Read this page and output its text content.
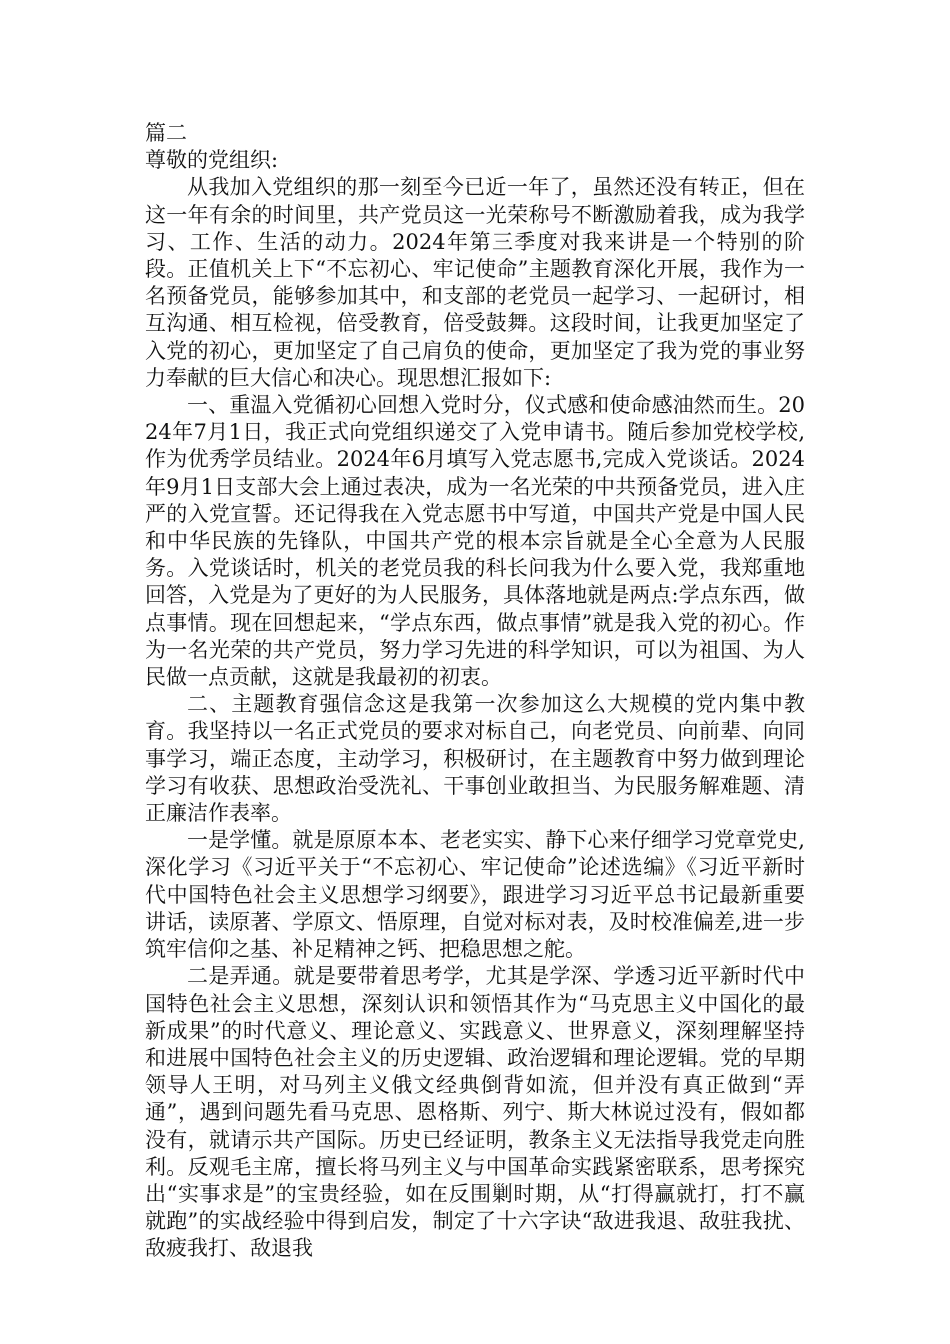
篇二

尊敬的党组织:

从我加入党组织的那一刻至今已近一年了，虽然还没有转正，但在这一年有余的时间里，共产党员这一光荣称号不断激励着我，成为我学习、工作、生活的动力。2024年第三季度对我来讲是一个特别的阶段。正值机关上下“不忘初心、牢记使命”主题教育深化开展，我作为一名预备党员，能够参加其中，和支部的老党员一起学习、一起研讨，相互沟通、相互检视，倍受教育，倍受鼓舞。这段时间，让我更加坚定了入党的初心，更加坚定了自己肩负的使命，更加坚定了我为党的事业努力奉献的巨大信心和决心。现思想汇报如下:

一、重温入党循初心回想入党时分，仪式感和使命感油然而生。2024年7月1日，我正式向党组织递交了入党申请书。随后参加党校学校,作为优秀学员结业。2024年6月填写入党志愿书,完成入党谈话。2024年9月1日支部大会上通过表决，成为一名光荣的中共预备党员，进入庄严的入党宣誓。还记得我在入党志愿书中写道，中国共产党是中国人民和中华民族的先锋队，中国共产党的根本宗旨就是全心全意为人民服务。入党谈话时，机关的老党员我的科长问我为什么要入党，我郑重地回答，入党是为了更好的为人民服务，具体落地就是两点:学点东西，做点事情。现在回想起来，“学点东西，做点事情”就是我入党的初心。作为一名光荣的共产党员，努力学习先进的科学知识，可以为祖国、为人民做一点贡献，这就是我最初的初衷。

二、主题教育强信念这是我第一次参加这么大规模的党内集中教育。我坚持以一名正式党员的要求对标自己，向老党员、向前辈、向同事学习，端正态度，主动学习，积极研讨，在主题教育中努力做到理论学习有收获、思想政治受洗礼、干事创业敢担当、为民服务解难题、清正廉洁作表率。

一是学懂。就是原原本本、老老实实、静下心来仔细学习党章党史,深化学习《习近平关于“不忘初心、牢记使命”论述选编》《习近平新时代中国特色社会主义思想学习纲要》，跟进学习习近平总书记最新重要讲话，读原著、学原文、悟原理，自觉对标对表，及时校准偏差,进一步筑牢信仰之基、补足精神之钙、把稳思想之舵。

二是弄通。就是要带着思考学，尤其是学深、学透习近平新时代中国特色社会主义思想，深刻认识和领悟其作为“马克思主义中国化的最新成果”的时代意义、理论意义、实践意义、世界意义，深刻理解坚持和进展中国特色社会主义的历史逻辑、政治逻辑和理论逻辑。党的早期领导人王明，对马列主义俄文经典倒背如流，但并没有真正做到“弄通”，遇到问题先看马克思、恩格斯、列宁、斯大林说过没有，假如都没有，就请示共产国际。历史已经证明，教条主义无法指导我党走向胜利。反观毛主席，擅长将马列主义与中国革命实践紧密联系，思考探究出“实事求是”的宝贵经验，如在反围剿时期，从“打得赢就打，打不赢就跑”的实战经验中得到启发，制定了十六字诀“敌进我退、敌驻我扰、敌疲我打、敌退我
